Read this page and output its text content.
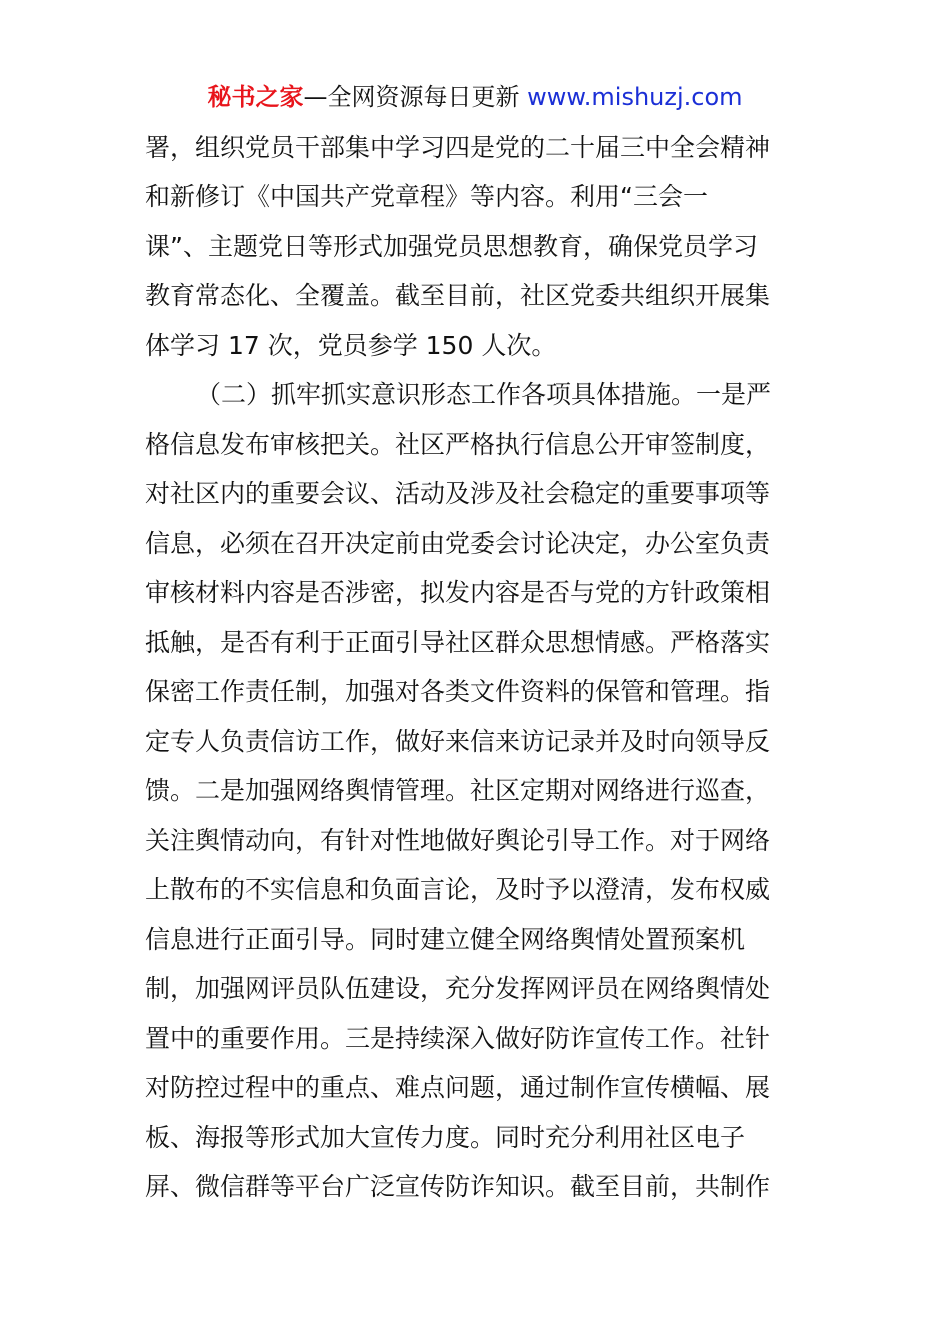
秘书之家—全网资源每日更新 www.mishuzj.com
署，组织党员干部集中学习四是党的二十届三中全会精神
和新修订《中国共产党章程》等内容。利用“三会一
课”、主题党日等形式加强党员思想教育，确保党员学习
教育常态化、全覆盖。截至目前，社区党委共组织开展集
体学习 17 次，党员参学 150 人次。
（二）抓牢抓实意识形态工作各项具体措施。一是严
格信息发布审核把关。社区严格执行信息公开审签制度，
对社区内的重要会议、活动及涉及社会稳定的重要事项等
信息，必须在召开决定前由党委会讨论决定，办公室负责
审核材料内容是否涉密，拟发内容是否与党的方针政策相
抵触，是否有利于正面引导社区群众思想情感。严格落实
保密工作责任制，加强对各类文件资料的保管和管理。指
定专人负责信访工作，做好来信来访记录并及时向领导反
馈。二是加强网络舆情管理。社区定期对网络进行巡查，
关注舆情动向，有针对性地做好舆论引导工作。对于网络
上散布的不实信息和负面言论，及时予以澄清，发布权威
信息进行正面引导。同时建立健全网络舆情处置预案机
制，加强网评员队伍建设，充分发挥网评员在网络舆情处
置中的重要作用。三是持续深入做好防诈宣传工作。社针
对防控过程中的重点、难点问题，通过制作宣传横幅、展
板、海报等形式加大宣传力度。同时充分利用社区电子
屏、微信群等平台广泛宣传防诈知识。截至目前，共制作
